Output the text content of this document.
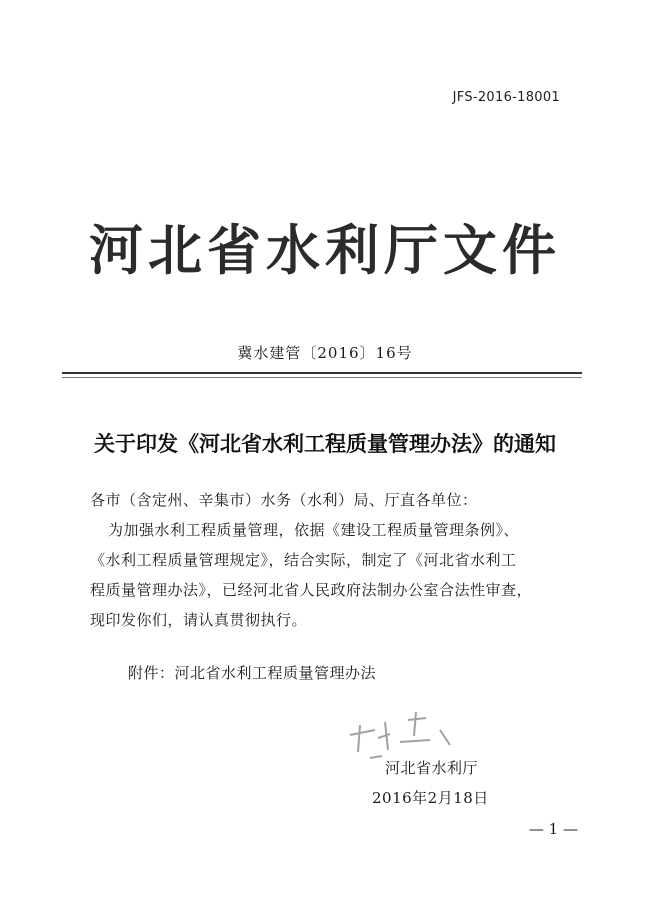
JFS-2016-18001
河北省水利厅文件
冀水建管〔2016〕16号
关于印发《河北省水利工程质量管理办法》的通知
各市（含定州、辛集市）水务（水利）局、厅直各单位：
为加强水利工程质量管理，依据《建设工程质量管理条例》、
《水利工程质量管理规定》，结合实际，制定了《河北省水利工
程质量管理办法》，已经河北省人民政府法制办公室合法性审查，
现印发你们，请认真贯彻执行。
附件：河北省水利工程质量管理办法
河北省水利厅
2016年2月18日
— 1 —
